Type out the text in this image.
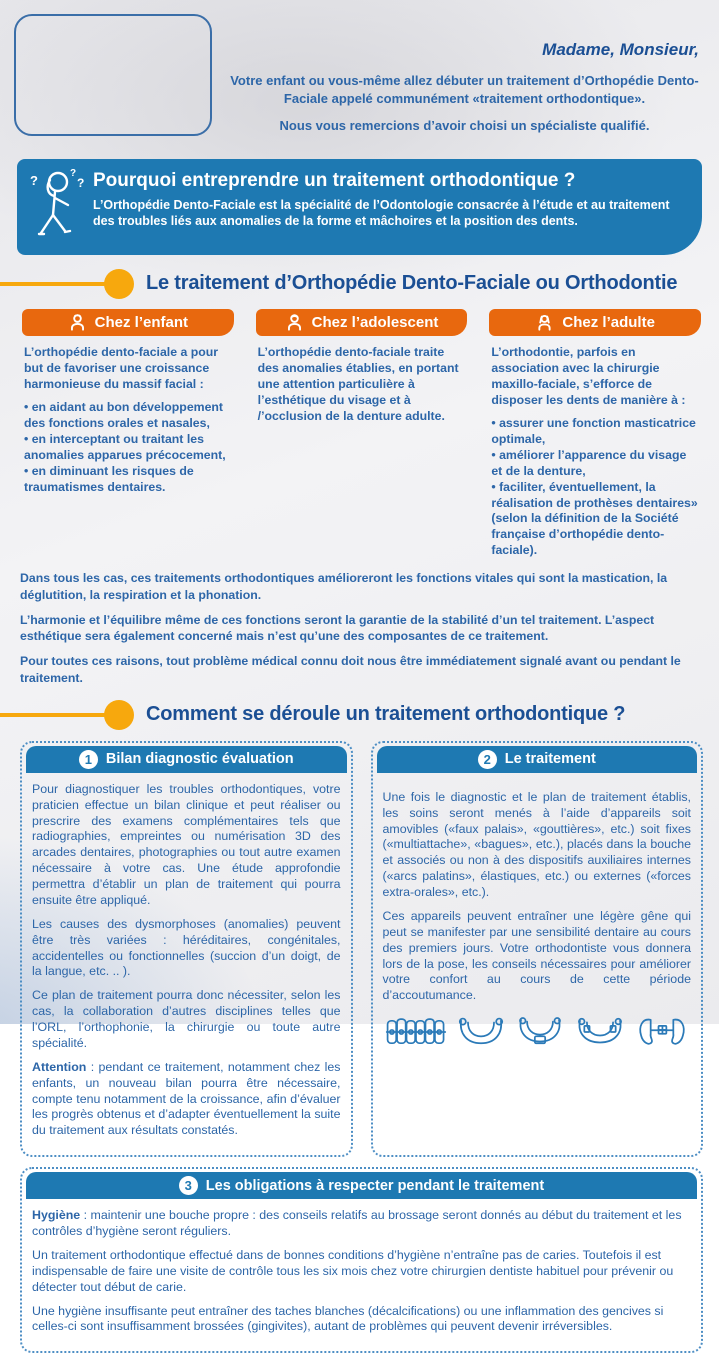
Madame, Monsieur,

Votre enfant ou vous-même allez débuter un traitement d’Orthopédie Dento-Faciale appelé communément «traitement orthodontique».

Nous vous remercions d’avoir choisi un spécialiste qualifié.

?	?
? Pourquoi entreprendre un traitement orthodontique ?

L’Orthopédie Dento-Faciale est la spécialité de l’Odontologie consacrée à l’étude et au traitement des troubles liés aux anomalies de la forme et mâchoires et la position des dents.

Le traitement d’Orthopédie Dento-Faciale ou Orthodontie
Chez l’enfant

L’orthopédie dento-faciale a pour but de favoriser une croissance harmonieuse du massif facial :

• en aidant au bon développement des fonctions orales et nasales,
• en interceptant ou traitant les anomalies apparues précocement,
• en diminuant les risques de traumatismes dentaires.

Chez l’adolescent

L’orthopédie dento-faciale traite des anomalies établies, en portant une attention particulière à l’esthétique du visage et à /’occlusion de la denture adulte.

Chez l’adulte

L’orthodontie, parfois en association avec la chirurgie maxillo-faciale, s’efforce de disposer les dents de manière à :

• assurer une fonction masticatrice optimale,
• améliorer l’apparence du visage et de la denture,
• faciliter, éventuellement, la réalisation de prothèses dentaires» (selon la définition de la Société française d’orthopédie dento-faciale).

Dans tous les cas, ces traitements orthodontiques amélioreront les fonctions vitales qui sont la mastication, la déglutition, la respiration et la phonation.

L’harmonie et l’équilibre même de ces fonctions seront la garantie de la stabilité d’un tel traitement. L’aspect esthétique sera également concerné mais n’est qu’une des composantes de ce traitement.

Pour toutes ces raisons, tout problème médical connu doit nous être immédiatement signalé avant ou pendant le traitement.

Comment se déroule un traitement orthodontique ?
1 Bilan diagnostic évaluation

Pour diagnostiquer les troubles orthodontiques, votre praticien effectue un bilan clinique et peut réaliser ou prescrire des examens complémentaires tels que radiographies, empreintes ou numérisation 3D des arcades dentaires, photographies ou tout autre examen nécessaire à votre cas. Une étude approfondie permettra d’établir un plan de traitement qui pourra ensuite être appliqué.

Les causes des dysmorphoses (anomalies) peuvent être très variées : héréditaires, congénitales, accidentelles ou fonctionnelles (succion d’un doigt, de la langue, etc. .. ).

Ce plan de traitement pourra donc nécessiter, selon les cas, la collaboration d’autres disciplines telles que l’ORL, l’orthophonie, la chirurgie ou toute autre spécialité.

Attention : pendant ce traitement, notamment chez les enfants, un nouveau bilan pourra être nécessaire, compte tenu notamment de la croissance, afin d’évaluer les progrès obtenus et d’adapter éventuellement la suite du traitement aux résultats constatés.

2 Le traitement

Une fois le diagnostic et le plan de traitement établis, les soins seront menés à l’aide d’appareils soit amovibles («faux palais», «gouttières», etc.) soit fixes («multiattache», «bagues», etc.), placés dans la bouche et associés ou non à des dispositifs auxiliaires internes («arcs palatins», élastiques, etc.) ou externes («forces extra-orales», etc.).

Ces appareils peuvent entraîner une légère gêne qui peut se manifester par une sensibilité dentaire au cours des premiers jours. Votre orthodontiste vous donnera lors de la pose, les conseils nécessaires pour améliorer votre confort au cours de cette période d’accoutumance.

3 Les obligations à respecter pendant le traitement

Hygiène : maintenir une bouche propre : des conseils relatifs au brossage seront donnés au début du traitement et les contrôles d’hygiène seront réguliers.

Un traitement orthodontique effectué dans de bonnes conditions d’hygiène n’entraîne pas de caries. Toutefois il est indispensable de faire une visite de contrôle tous les six mois chez votre chirurgien dentiste habituel pour prévenir ou détecter tout début de carie.

Une hygiène insuffisante peut entraîner des taches blanches (décalcifications) ou une inflammation des gencives si celles-ci sont insuffisamment brossées (gingivites), autant de problèmes qui peuvent devenir irréversibles.
